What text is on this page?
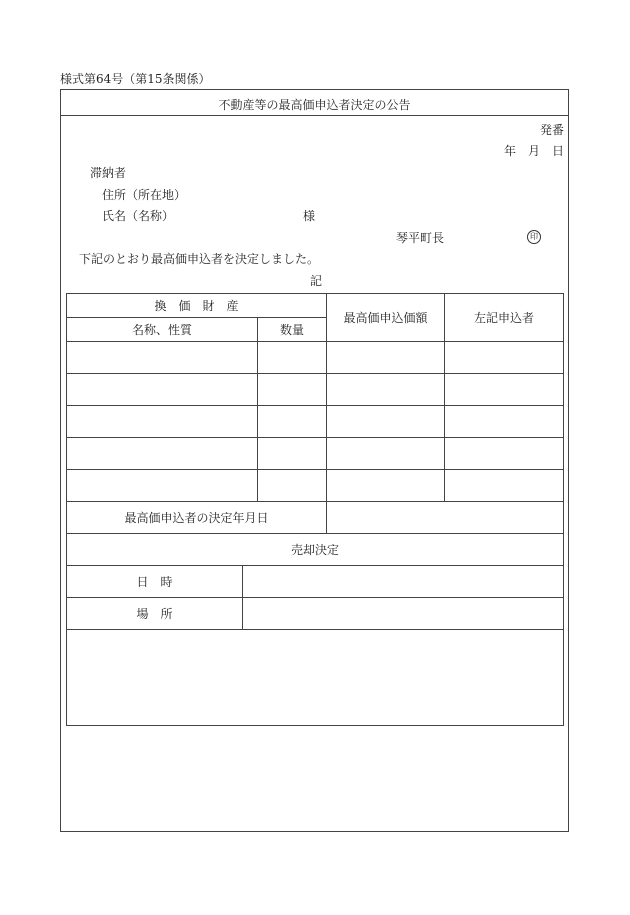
様式第64号（第15条関係）
不動産等の最高価申込者決定の公告
発番
年　月　日
滞納者
住所（所在地）
氏名（名称）	様
琴平町長	印
下記のとおり最高価申込者を決定しました。
記
換　価　財　産			最高価申込価額	左記申込者
名称、性質		数量		

最高価申込者の決定年月日				
売却決定				
日　時				
場　所				
